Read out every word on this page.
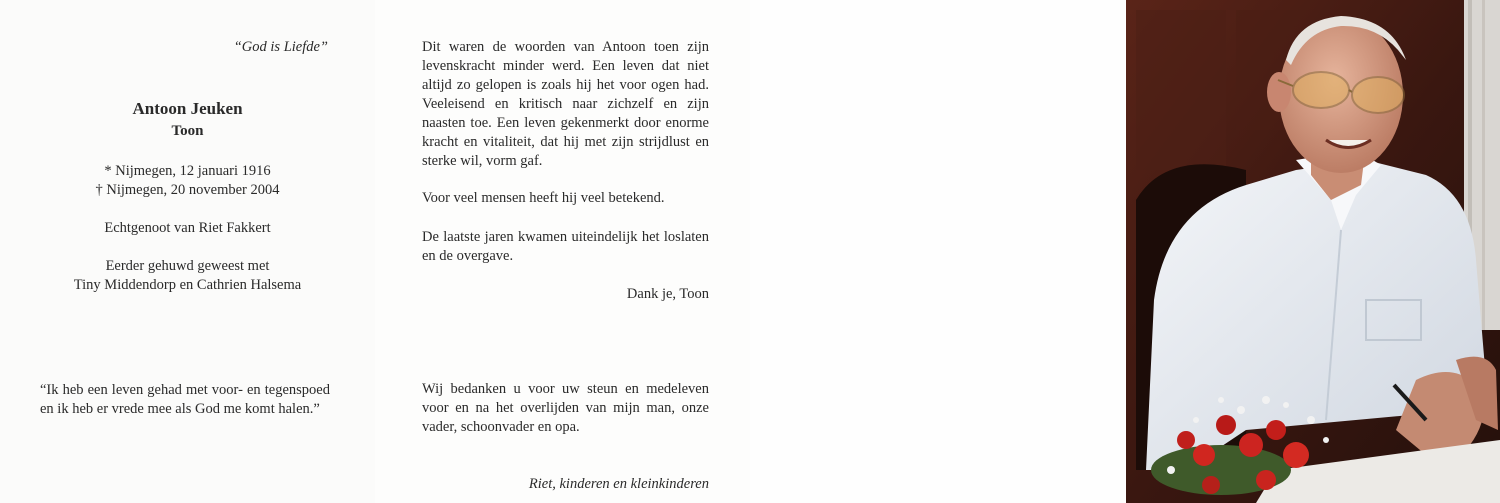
“God is Liefde”
Antoon Jeuken
Toon
* Nijmegen, 12 januari 1916
† Nijmegen, 20 november 2004
Echtgenoot van Riet Fakkert
Eerder gehuwd geweest met
Tiny Middendorp en Cathrien Halsema
“Ik heb een leven gehad met voor- en tegenspoed en ik heb er vrede mee als God me komt halen.”
Dit waren de woorden van Antoon toen zijn levenskracht minder werd. Een leven dat niet altijd zo gelopen is zoals hij het voor ogen had. Veeleisend en kritisch naar zichzelf en zijn naasten toe. Een leven gekenmerkt door enorme kracht en vitaliteit, dat hij met zijn strijdlust en sterke wil, vorm gaf.
Voor veel mensen heeft hij veel betekend.
De laatste jaren kwamen uiteindelijk het loslaten en de overgave.
Dank je, Toon
Wij bedanken u voor uw steun en medeleven voor en na het overlijden van mijn man, onze vader, schoonvader en opa.
Riet, kinderen en kleinkinderen
